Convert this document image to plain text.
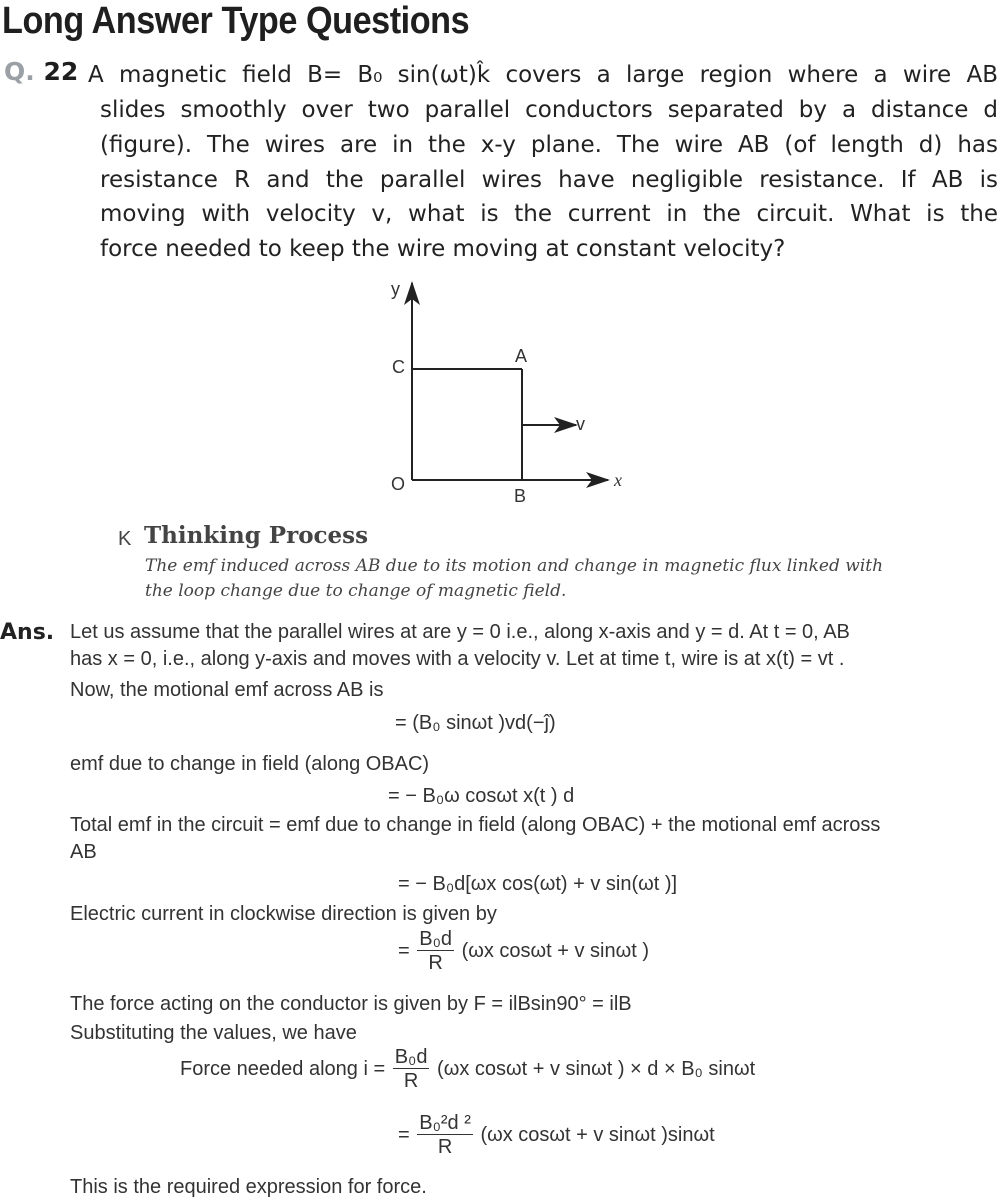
Long Answer Type Questions
Q. 22 A magnetic field B= B₀ sin(ωt)k̂ covers a large region where a wire AB
slides smoothly over two parallel conductors separated by a distance d
(figure). The wires are in the x-y plane. The wire AB (of length d) has
resistance R and the parallel wires have negligible resistance. If AB is
moving with velocity v, what is the current in the circuit. What is the
force needed to keep the wire moving at constant velocity?
y
x
C
A
O
B
v
K Thinking Process
The emf induced across AB due to its motion and change in magnetic flux linked with
the loop change due to change of magnetic field.
Ans. Let us assume that the parallel wires at are y = 0 i.e., along x-axis and y = d. At t = 0, AB
has x = 0, i.e., along y-axis and moves with a velocity v. Let at time t, wire is at x(t) = vt .
Now, the motional emf across AB is
= (B₀ sinωt )vd(−ĵ)
emf due to change in field (along OBAC)
= − B₀ω cosωt x(t ) d
Total emf in the circuit = emf due to change in field (along OBAC) + the motional emf across
AB
= − B₀d[ωx cos(ωt) + v sin(ωt )]
Electric current in clockwise direction is given by
= $\frac{\text{B₀d}}{R} (\omega x$ cosωt + v sinωt )
The force acting on the conductor is given by F = ilBsin90° = ilB
Substituting the values, we have
Force needed along $i = \frac{\text{B₀d}}{R} (\omega x$ cosωt + v sinωt ) × d × B₀ sinωt
= $\frac{\text{B₀²d ²}}{R} (\omega x$ cosωt + v sinωt )sinωt
This is the required expression for force.
